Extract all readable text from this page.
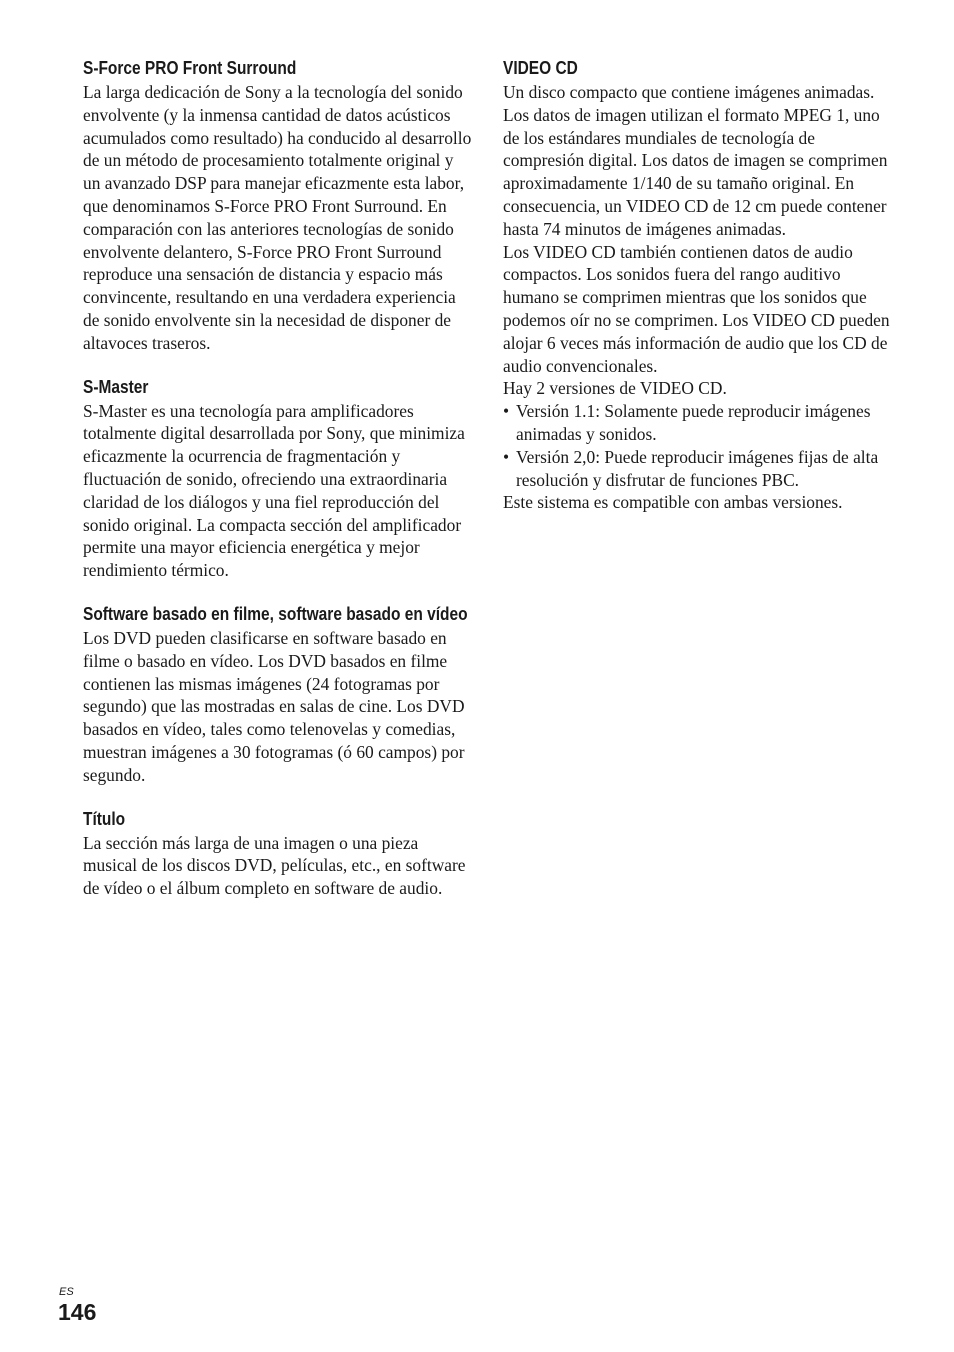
S-Force PRO Front Surround

La larga dedicación de Sony a la tecnología del sonido envolvente (y la inmensa cantidad de datos acústicos acumulados como resultado) ha conducido al desarrollo de un método de procesamiento totalmente original y un avanzado DSP para manejar eficazmente esta labor, que denominamos S-Force PRO Front Surround. En comparación con las anteriores tecnologías de sonido envolvente delantero, S-Force PRO Front Surround reproduce una sensación de distancia y espacio más convincente, resultando en una verdadera experiencia de sonido envolvente sin la necesidad de disponer de altavoces traseros.

S-Master

S-Master es una tecnología para amplificadores totalmente digital desarrollada por Sony, que minimiza eficazmente la ocurrencia de fragmentación y fluctuación de sonido, ofreciendo una extraordinaria claridad de los diálogos y una fiel reproducción del sonido original. La compacta sección del amplificador permite una mayor eficiencia energética y mejor rendimiento térmico.

Software basado en filme, software basado en vídeo

Los DVD pueden clasificarse en software basado en filme o basado en vídeo. Los DVD basados en filme contienen las mismas imágenes (24 fotogramas por segundo) que las mostradas en salas de cine. Los DVD basados en vídeo, tales como telenovelas y comedias, muestran imágenes a 30 fotogramas (ó 60 campos) por segundo.

Título

La sección más larga de una imagen o una pieza musical de los discos DVD, películas, etc., en software de vídeo o el álbum completo en software de audio.

VIDEO CD

Un disco compacto que contiene imágenes animadas.

Los datos de imagen utilizan el formato MPEG 1, uno de los estándares mundiales de tecnología de compresión digital. Los datos de imagen se comprimen aproximadamente 1/140 de su tamaño original. En consecuencia, un VIDEO CD de 12 cm puede contener hasta 74 minutos de imágenes animadas.

Los VIDEO CD también contienen datos de audio compactos. Los sonidos fuera del rango auditivo humano se comprimen mientras que los sonidos que podemos oír no se comprimen. Los VIDEO CD pueden alojar 6 veces más información de audio que los CD de audio convencionales.

Hay 2 versiones de VIDEO CD.

• Versión 1.1: Solamente puede reproducir imágenes animadas y sonidos.
• Versión 2,0: Puede reproducir imágenes fijas de alta resolución y disfrutar de funciones PBC.

Este sistema es compatible con ambas versiones.

ES
146
